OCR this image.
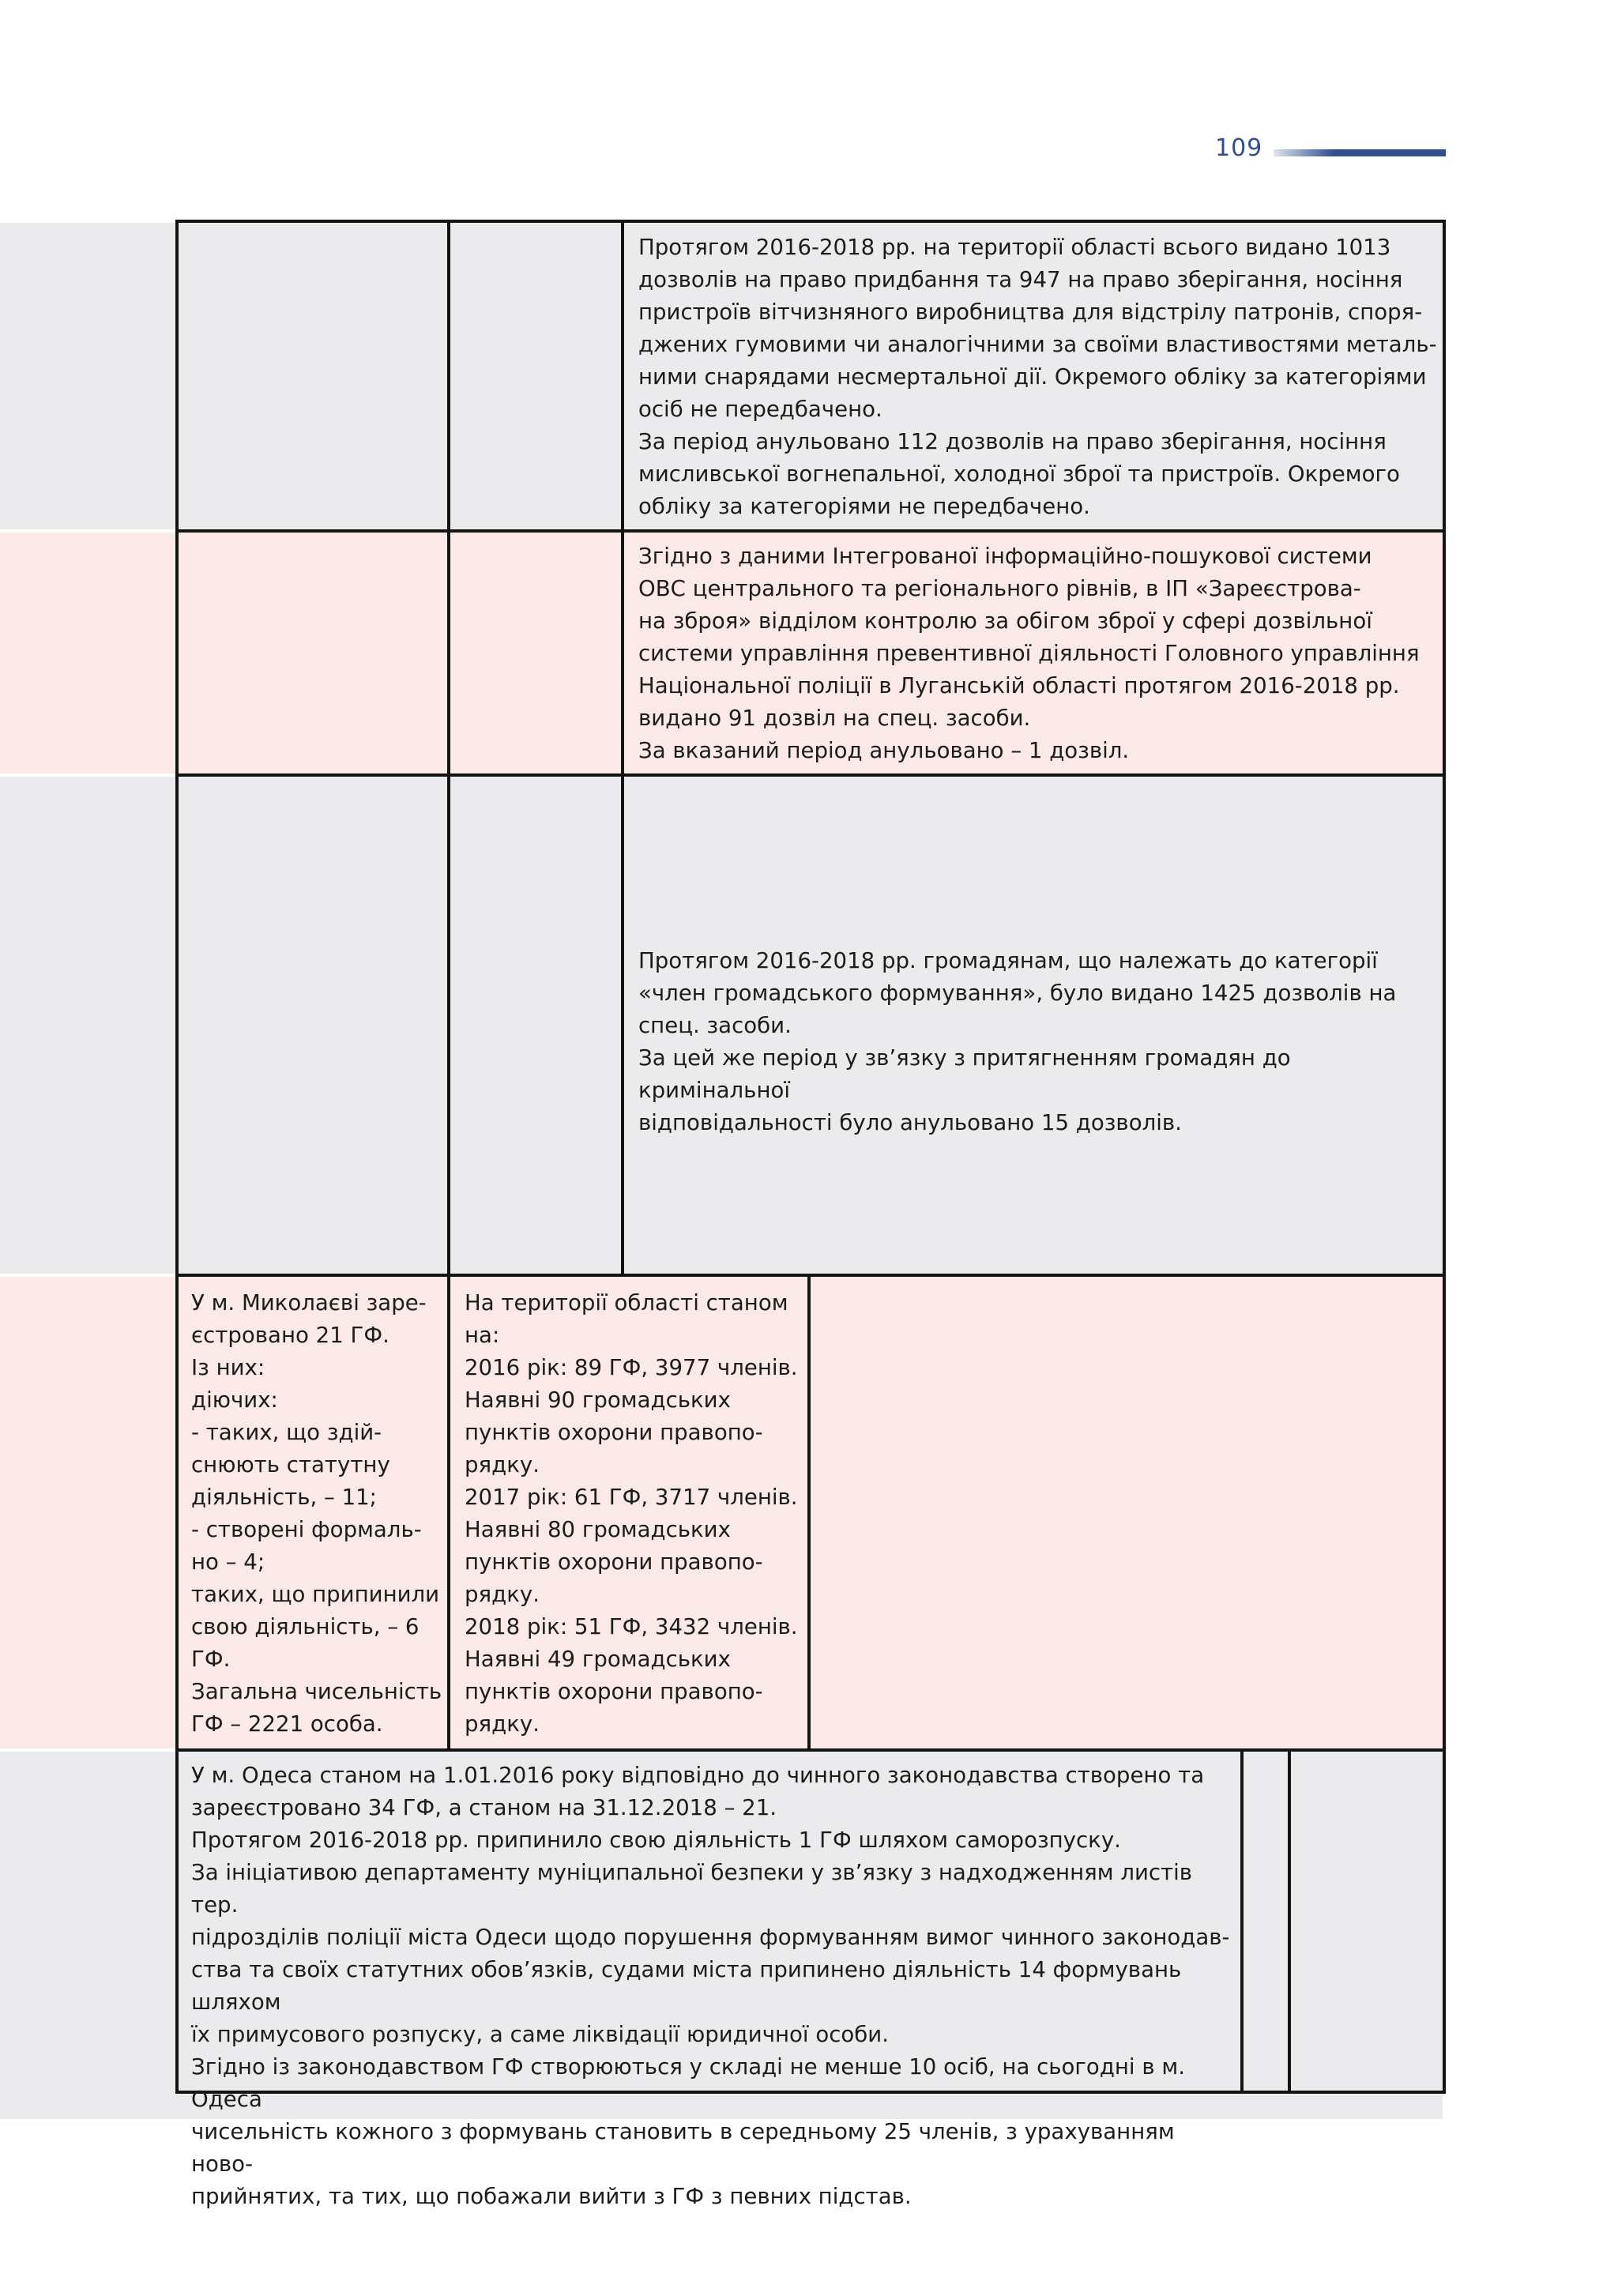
109
Протягом 2016-2018 рр. на території області всього видано 1013
дозволів на право придбання та 947 на право зберігання, носіння
пристроїв вітчизняного виробництва для відстрілу патронів, споря-
джених гумовими чи аналогічними за своїми властивостями металь-
ними снарядами несмертальної дії. Окремого обліку за категоріями
осіб не передбачено.
За період анульовано 112 дозволів на право зберігання, носіння
мисливської вогнепальної, холодної зброї та пристроїв. Окремого
обліку за категоріями не передбачено.
Згідно з даними Інтегрованої інформаційно-пошукової системи
ОВС центрального та регіонального рівнів, в ІП «Зареєстрова-
на зброя» відділом контролю за обігом зброї у сфері дозвільної
системи управління превентивної діяльності Головного управління
Національної поліції в Луганській області протягом 2016-2018 рр.
видано 91 дозвіл на спец. засоби.
За вказаний період анульовано – 1 дозвіл.
Протягом 2016-2018 рр. громадянам, що належать до категорії
«член громадського формування», було видано 1425 дозволів на
спец. засоби.
За цей же період у зв’язку з притягненням громадян до кримінальної
відповідальності було анульовано 15 дозволів.
У м. Миколаєві заре-
єстровано 21 ГФ.
Із них:
діючих:
- таких, що здій-
снюють статутну
діяльність, – 11;
- створені формаль-
но – 4;
таких, що припинили
свою діяльність, – 6
ГФ.
Загальна чисельність
ГФ – 2221 особа.
На території області станом
на:
2016 рік: 89 ГФ, 3977 членів.
Наявні 90 громадських
пунктів охорони правопо-
рядку.
2017 рік: 61 ГФ, 3717 членів.
Наявні 80 громадських
пунктів охорони правопо-
рядку.
2018 рік: 51 ГФ, 3432 членів.
Наявні 49 громадських
пунктів охорони правопо-
рядку.
У м. Одеса станом на 1.01.2016 року відповідно до чинного законодавства створено та
зареєстровано 34 ГФ, а станом на 31.12.2018 – 21.
Протягом 2016-2018 рр. припинило свою діяльність 1 ГФ шляхом саморозпуску.
За ініціативою департаменту муніципальної безпеки у зв’язку з надходженням листів тер.
підрозділів поліції міста Одеси щодо порушення формуванням вимог чинного законодав-
ства та своїх статутних обов’язків, судами міста припинено діяльність 14 формувань шляхом
їх примусового розпуску, а саме ліквідації юридичної особи.
Згідно із законодавством ГФ створюються у складі не менше 10 осіб, на сьогодні в м. Одеса
чисельність кожного з формувань становить в середньому 25 членів, з урахуванням ново-
прийнятих, та тих, що побажали вийти з ГФ з певних підстав.
